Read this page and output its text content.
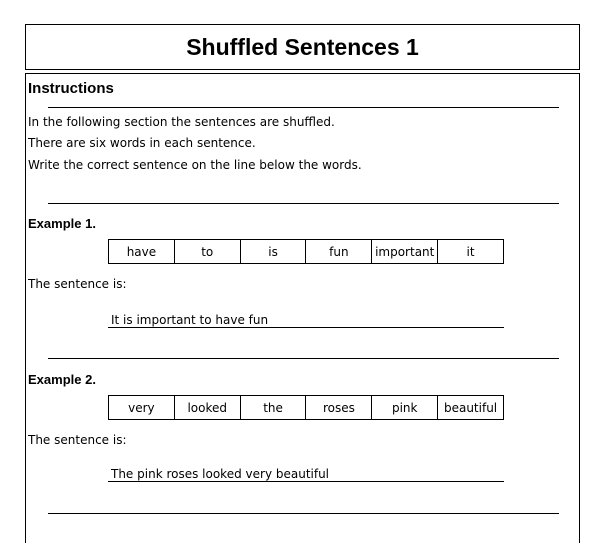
Shuffled Sentences 1
Instructions
In the following section the sentences are shuffled.
There are six words in each sentence.
Write the correct sentence on the line below the words.
Example 1.
have	to	is	fun	important	it
The sentence is:
It is important to have fun
Example 2.
very	looked	the	roses	pink	beautiful
The sentence is:
The pink roses looked very beautiful
